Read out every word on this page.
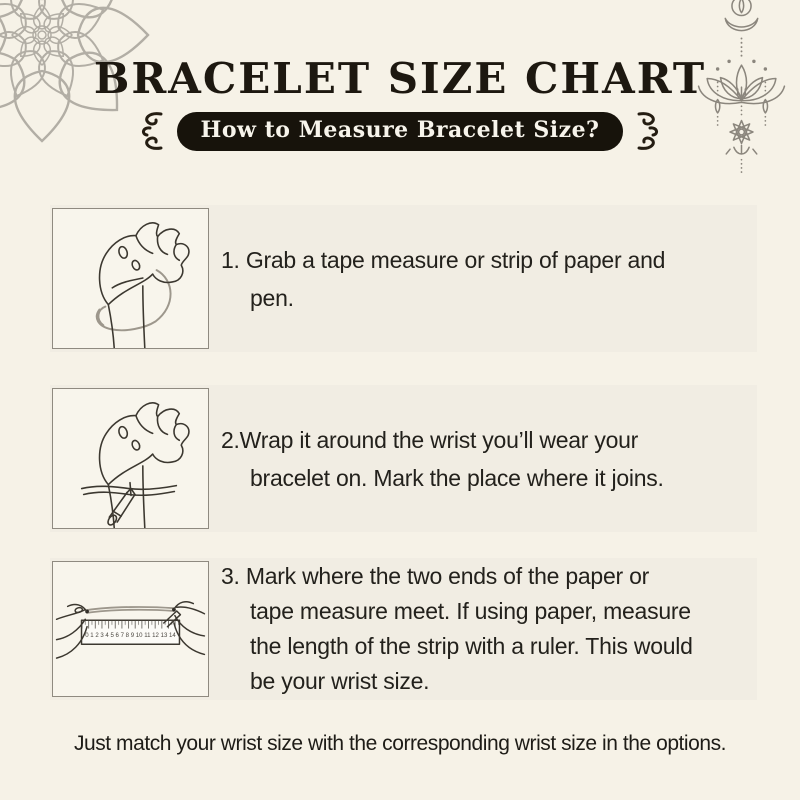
BRACELET SIZE CHART
How to Measure Bracelet Size?
1. Grab a tape measure or strip of paper and
pen.
2.Wrap it around the wrist you’ll wear your
bracelet on. Mark the place where it joins.
0 1 2 3 4 5 6 7 8 9 10 11 12 13 14
3. Mark where the two ends of the paper or
tape measure meet. If using paper, measure
the length of the strip with a ruler. This would
be your wrist size.
Just match your wrist size with the corresponding wrist size in the options.
